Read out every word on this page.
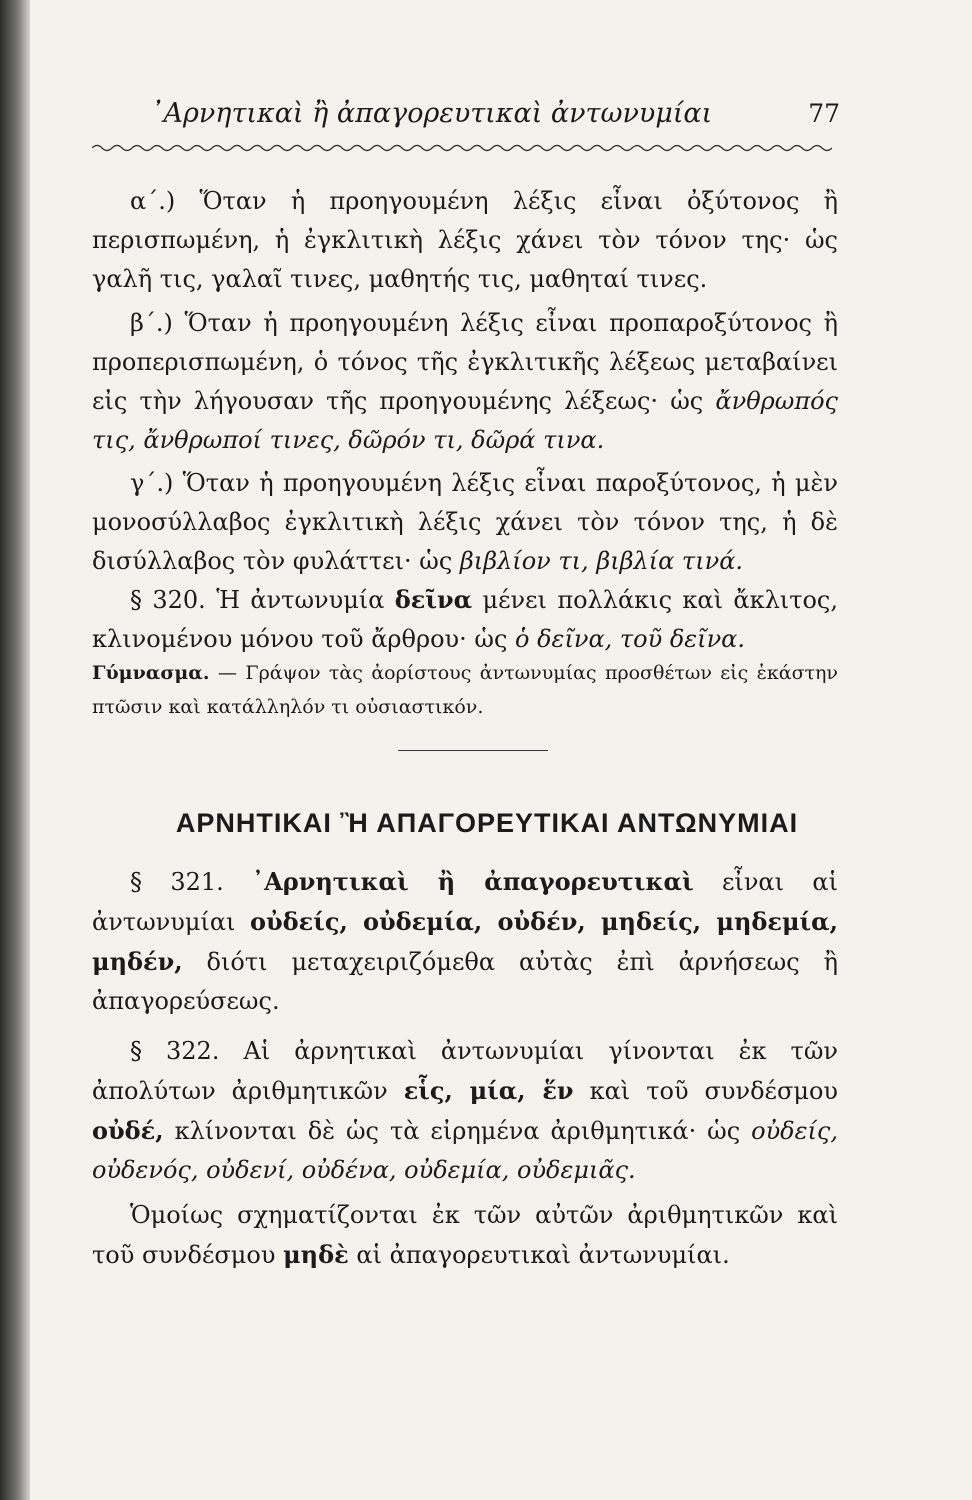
᾿Αρνητικαὶ ἢ ἀπαγορευτικαὶ ἀντωνυμίαι	77
α΄.) Ὅταν ἡ προηγουμένη λέξις εἶναι ὀξύτονος ἢ περισπωμένη, ἡ ἐγκλιτικὴ λέξις χάνει τὸν τόνον της· ὡς γαλῆ τις, γαλαῖ τινες, μαθητής τις, μαθηταί τινες.
β΄.) Ὅταν ἡ προηγουμένη λέξις εἶναι προπαροξύτονος ἢ προπερισπωμένη, ὁ τόνος τῆς ἐγκλιτικῆς λέξεως μεταβαίνει εἰς τὴν λήγουσαν τῆς προηγουμένης λέξεως· ὡς ἄνθρωπός τις, ἄνθρωποί τινες, δῶρόν τι, δῶρά τινα.
γ΄.) Ὅταν ἡ προηγουμένη λέξις εἶναι παροξύτονος, ἡ μὲν μονοσύλλαβος ἐγκλιτικὴ λέξις χάνει τὸν τόνον της, ἡ δὲ δισύλλαβος τὸν φυλάττει· ὡς βιβλίον τι, βιβλία τινά.
§ 320. Ἡ ἀντωνυμία δεῖνα μένει πολλάκις καὶ ἄκλιτος, κλινομένου μόνου τοῦ ἄρθρου· ὡς ὁ δεῖνα, τοῦ δεῖνα.
Γύμνασμα. — Γράψον τὰς ἀορίστους ἀντωνυμίας προσθέτων εἰς ἑκάστην πτῶσιν καὶ κατάλληλόν τι οὐσιαστικόν.
ΑΡΝΗΤΙΚΑΙ Ἢ ΑΠΑΓΟΡΕΥΤΙΚΑΙ ΑΝΤΩΝΥΜΙΑΙ
§ 321. ᾿Αρνητικαὶ ἢ ἀπαγορευτικαὶ εἶναι αἱ ἀντωνυμίαι οὐδείς, οὐδεμία, οὐδέν, μηδείς, μηδεμία, μηδέν, διότι μεταχειριζόμεθα αὐτὰς ἐπὶ ἀρνήσεως ἢ ἀπαγορεύσεως.
§ 322. Αἱ ἀρνητικαὶ ἀντωνυμίαι γίνονται ἐκ τῶν ἀπολύτων ἀριθμητικῶν εἷς, μία, ἕν καὶ τοῦ συνδέσμου οὐδέ, κλίνονται δὲ ὡς τὰ εἰρημένα ἀριθμητικά· ὡς οὐδείς, οὐδενός, οὐδενί, οὐδένα, οὐδεμία, οὐδεμιᾶς.
Ὁμοίως σχηματίζονται ἐκ τῶν αὐτῶν ἀριθμητικῶν καὶ τοῦ συνδέσμου μηδὲ αἱ ἀπαγορευτικαὶ ἀντωνυμίαι.
